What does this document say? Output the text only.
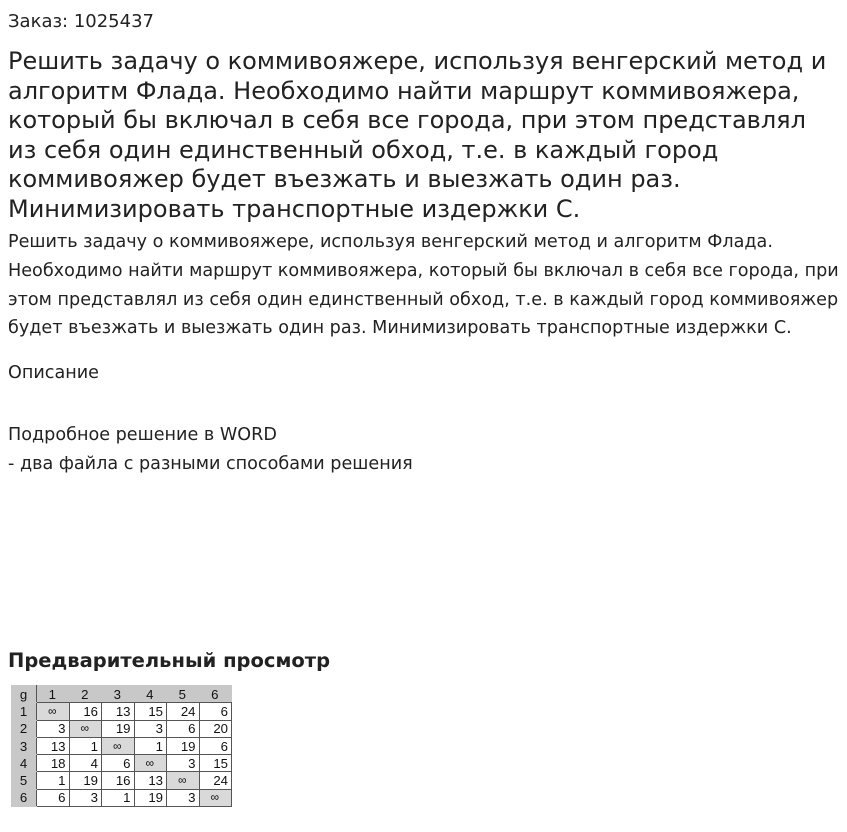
Заказ: 1025437
Решить задачу о коммивояжере, используя венгерский метод и алгоритм Флада. Необходимо найти маршрут коммивояжера, который бы включал в себя все города, при этом представлял из себя один единственный обход, т.е. в каждый город коммивояжер будет въезжать и выезжать один раз. Минимизировать транспортные издержки С.
Решить задачу о коммивояжере, используя венгерский метод и алгоритм Флада. Необходимо найти маршрут коммивояжера, который бы включал в себя все города, при этом представлял из себя один единственный обход, т.е. в каждый город коммивояжер будет въезжать и выезжать один раз. Минимизировать транспортные издержки С.
Описание
Подробное решение в WORD
- два файла с разными способами решения
Предварительный просмотр
g	1	2	3	4	5	6
1	∞	16	13	15	24	6
2	3	∞	19	3	6	20
3	13	1	∞	1	19	6
4	18	4	6	∞	3	15
5	1	19	16	13	∞	24
6	6	3	1	19	3	∞
